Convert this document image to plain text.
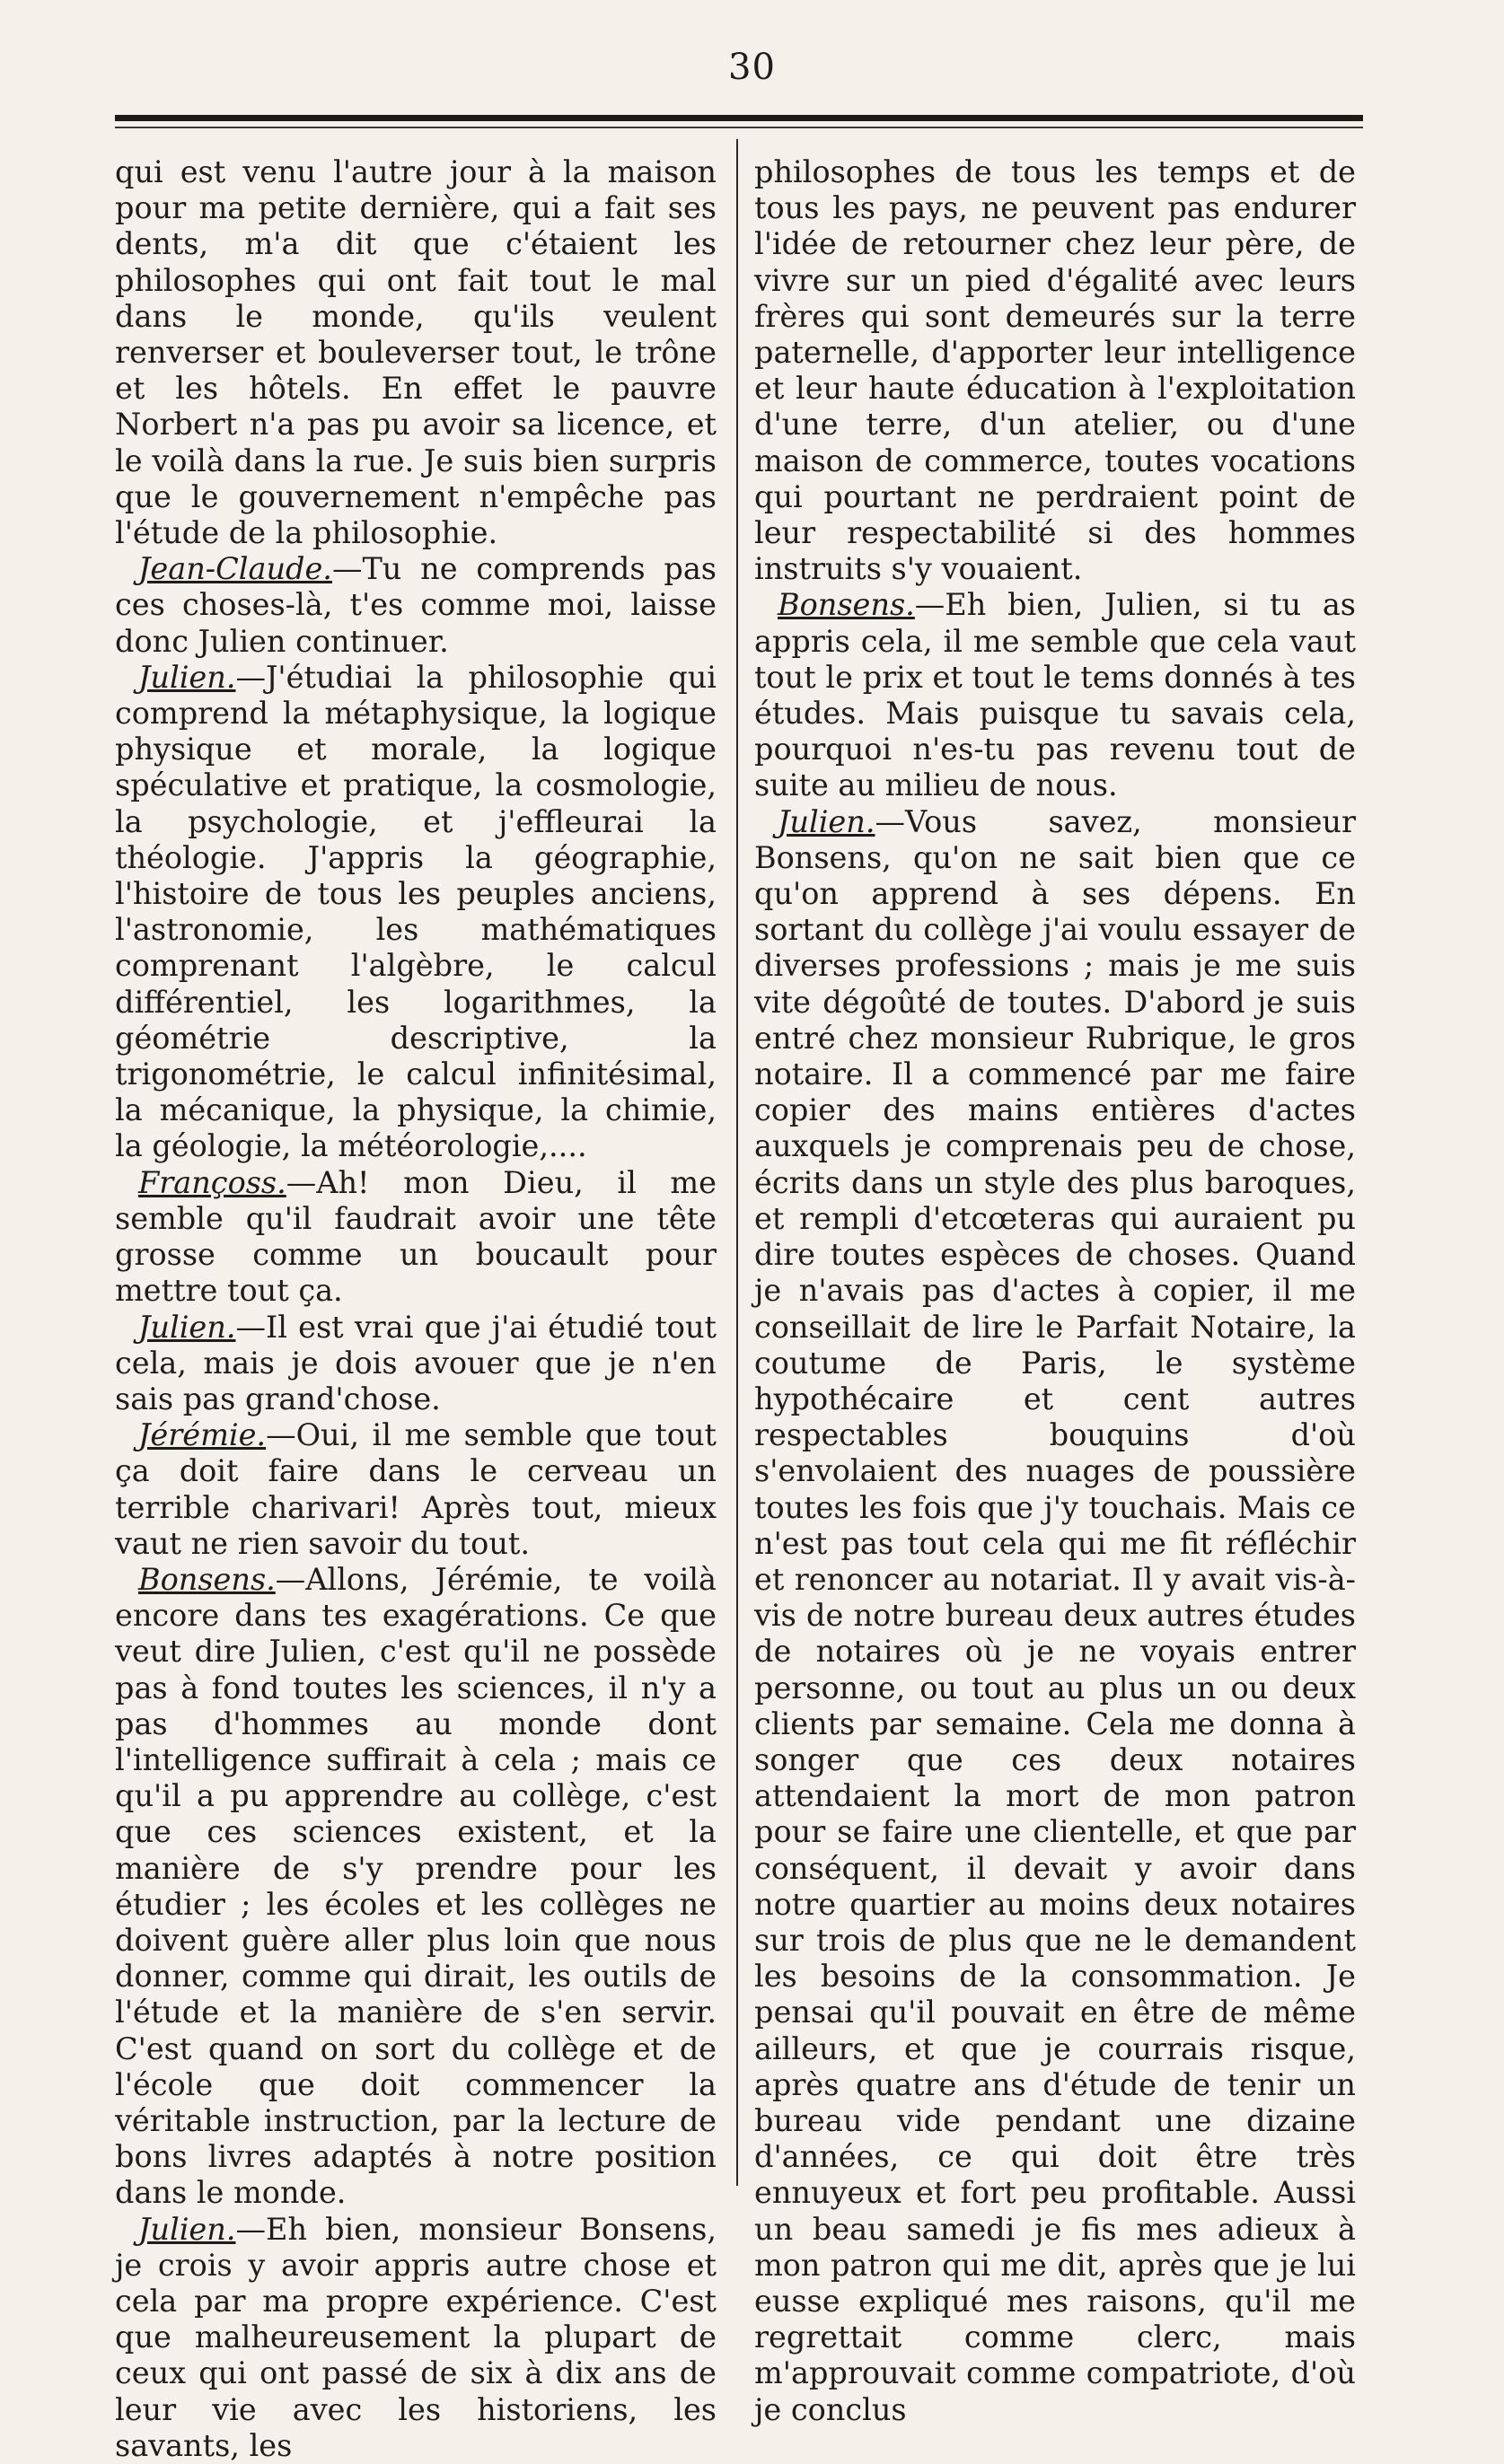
30

qui est venu l'autre jour à la maison pour ma petite dernière, qui a fait ses dents, m'a dit que c'étaient les philosophes qui ont fait tout le mal dans le monde, qu'ils veulent renverser et bouleverser tout, le trône et les hôtels. En effet le pauvre Norbert n'a pas pu avoir sa licence, et le voilà dans la rue. Je suis bien surpris que le gouvernement n'empêche pas l'étude de la philosophie.

Jean-Claude.—Tu ne comprends pas ces choses-là, t'es comme moi, laisse donc Julien continuer.

Julien.—J'étudiai la philosophie qui comprend la métaphysique, la logique physique et morale, la logique spéculative et pratique, la cosmologie, la psychologie, et j'effleurai la théologie. J'appris la géographie, l'histoire de tous les peuples anciens, l'astronomie, les mathématiques comprenant l'algèbre, le calcul différentiel, les logarithmes, la géométrie descriptive, la trigonométrie, le calcul infinitésimal, la mécanique, la physique, la chimie, la géologie, la météorologie,....

Françoss.—Ah! mon Dieu, il me semble qu'il faudrait avoir une tête grosse comme un boucault pour mettre tout ça.

Julien.—Il est vrai que j'ai étudié tout cela, mais je dois avouer que je n'en sais pas grand'chose.

Jérémie.—Oui, il me semble que tout ça doit faire dans le cerveau un terrible charivari! Après tout, mieux vaut ne rien savoir du tout.

Bonsens.—Allons, Jérémie, te voilà encore dans tes exagérations. Ce que veut dire Julien, c'est qu'il ne possède pas à fond toutes les sciences, il n'y a pas d'hommes au monde dont l'intelligence suffirait à cela ; mais ce qu'il a pu apprendre au collège, c'est que ces sciences existent, et la manière de s'y prendre pour les étudier ; les écoles et les collèges ne doivent guère aller plus loin que nous donner, comme qui dirait, les outils de l'étude et la manière de s'en servir. C'est quand on sort du collège et de l'école que doit commencer la véritable instruction, par la lecture de bons livres adaptés à notre position dans le monde.

Julien.—Eh bien, monsieur Bonsens, je crois y avoir appris autre chose et cela par ma propre expérience. C'est que malheureusement la plupart de ceux qui ont passé de six à dix ans de leur vie avec les historiens, les savants, les

philosophes de tous les temps et de tous les pays, ne peuvent pas endurer l'idée de retourner chez leur père, de vivre sur un pied d'égalité avec leurs frères qui sont demeurés sur la terre paternelle, d'apporter leur intelligence et leur haute éducation à l'exploitation d'une terre, d'un atelier, ou d'une maison de commerce, toutes vocations qui pourtant ne perdraient point de leur respectabilité si des hommes instruits s'y vouaient.

Bonsens.—Eh bien, Julien, si tu as appris cela, il me semble que cela vaut tout le prix et tout le tems donnés à tes études. Mais puisque tu savais cela, pourquoi n'es-tu pas revenu tout de suite au milieu de nous.

Julien.—Vous savez, monsieur Bonsens, qu'on ne sait bien que ce qu'on apprend à ses dépens. En sortant du collège j'ai voulu essayer de diverses professions ; mais je me suis vite dégoûté de toutes. D'abord je suis entré chez monsieur Rubrique, le gros notaire. Il a commencé par me faire copier des mains entières d'actes auxquels je comprenais peu de chose, écrits dans un style des plus baroques, et rempli d'etcœteras qui auraient pu dire toutes espèces de choses. Quand je n'avais pas d'actes à copier, il me conseillait de lire le Parfait Notaire, la coutume de Paris, le système hypothécaire et cent autres respectables bouquins d'où s'envolaient des nuages de poussière toutes les fois que j'y touchais. Mais ce n'est pas tout cela qui me fit réfléchir et renoncer au notariat. Il y avait vis-à-vis de notre bureau deux autres études de notaires où je ne voyais entrer personne, ou tout au plus un ou deux clients par semaine. Cela me donna à songer que ces deux notaires attendaient la mort de mon patron pour se faire une clientelle, et que par conséquent, il devait y avoir dans notre quartier au moins deux notaires sur trois de plus que ne le demandent les besoins de la consommation. Je pensai qu'il pouvait en être de même ailleurs, et que je courrais risque, après quatre ans d'étude de tenir un bureau vide pendant une dizaine d'années, ce qui doit être très ennuyeux et fort peu profitable. Aussi un beau samedi je fis mes adieux à mon patron qui me dit, après que je lui eusse expliqué mes raisons, qu'il me regrettait comme clerc, mais m'approuvait comme compatriote, d'où je conclus
